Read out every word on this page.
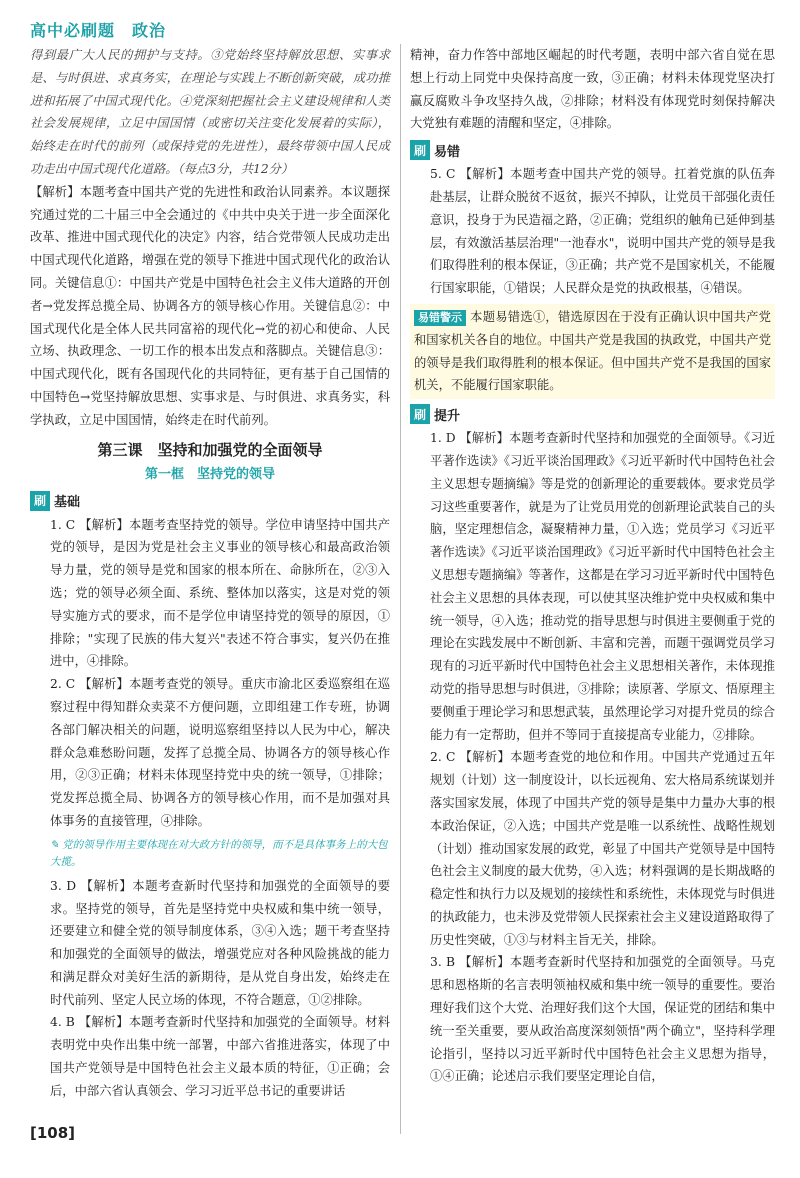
高中必刷题　政治

得到最广大人民的拥护与支持。③党始终坚持解放思想、实事求是、与时俱进、求真务实，在理论与实践上不断创新突破，成功推进和拓展了中国式现代化。④党深刻把握社会主义建设规律和人类社会发展规律，立足中国国情（或密切关注变化发展着的实际），始终走在时代的前列（或保持党的先进性），最终带领中国人民成功走出中国式现代化道路。（每点3分，共12分）

【解析】本题考查中国共产党的先进性和政治认同素养。本议题探究通过党的二十届三中全会通过的《中共中央关于进一步全面深化改革、推进中国式现代化的决定》内容，结合党带领人民成功走出中国式现代化道路，增强在党的领导下推进中国式现代化的政治认同。关键信息①：中国共产党是中国特色社会主义伟大道路的开创者→党发挥总揽全局、协调各方的领导核心作用。关键信息②：中国式现代化是全体人民共同富裕的现代化→党的初心和使命、人民立场、执政理念、一切工作的根本出发点和落脚点。关键信息③：中国式现代化，既有各国现代化的共同特征，更有基于自己国情的中国特色→党坚持解放思想、实事求是、与时俱进、求真务实，科学执政，立足中国国情，始终走在时代前列。

第三课　坚持和加强党的全面领导
第一框　坚持党的领导
刷 基础

1. C 【解析】本题考查坚持党的领导。学位申请坚持中国共产党的领导，是因为党是社会主义事业的领导核心和最高政治领导力量，党的领导是党和国家的根本所在、命脉所在，②③入选；党的领导必须全面、系统、整体加以落实，这是对党的领导实施方式的要求，而不是学位申请坚持党的领导的原因，①排除；"实现了民族的伟大复兴"表述不符合事实，复兴仍在推进中，④排除。

2. C 【解析】本题考查党的领导。重庆市渝北区委巡察组在巡察过程中得知群众卖菜不方便问题，立即组建工作专班，协调各部门解决相关的问题，说明巡察组坚持以人民为中心，解决群众急难愁盼问题，发挥了总揽全局、协调各方的领导核心作用，②③正确；材料未体现坚持党中央的统一领导，①排除；党发挥总揽全局、协调各方的领导核心作用，而不是加强对具体事务的直接管理，④排除。

✎ 党的领导作用主要体现在对大政方针的领导，而不是具体事务上的大包大揽。

3. D 【解析】本题考查新时代坚持和加强党的全面领导的要求。坚持党的领导，首先是坚持党中央权威和集中统一领导，还要建立和健全党的领导制度体系，③④入选；题干考查坚持和加强党的全面领导的做法，增强党应对各种风险挑战的能力和满足群众对美好生活的新期待，是从党自身出发，始终走在时代前列、坚定人民立场的体现，不符合题意，①②排除。

4. B 【解析】本题考查新时代坚持和加强党的全面领导。材料表明党中央作出集中统一部署，中部六省推进落实，体现了中国共产党领导是中国特色社会主义最本质的特征，①正确；会后，中部六省认真领会、学习习近平总书记的重要讲话

精神，奋力作答中部地区崛起的时代考题，表明中部六省自觉在思想上行动上同党中央保持高度一致，③正确；材料未体现党坚决打赢反腐败斗争攻坚持久战，②排除；材料没有体现党时刻保持解决大党独有难题的清醒和坚定，④排除。

刷 易错

5. C 【解析】本题考查中国共产党的领导。扛着党旗的队伍奔赴基层，让群众脱贫不返贫，振兴不掉队，让党员干部强化责任意识，投身于为民造福之路，②正确；党组织的触角已延伸到基层，有效激活基层治理"一池春水"，说明中国共产党的领导是我们取得胜利的根本保证，③正确；共产党不是国家机关，不能履行国家职能，①错误；人民群众是党的执政根基，④错误。

易错警示 本题易错选①，错选原因在于没有正确认识中国共产党和国家机关各自的地位。中国共产党是我国的执政党，中国共产党的领导是我们取得胜利的根本保证。但中国共产党不是我国的国家机关，不能履行国家职能。

刷 提升

1. D 【解析】本题考查新时代坚持和加强党的全面领导。《习近平著作选读》《习近平谈治国理政》《习近平新时代中国特色社会主义思想专题摘编》等是党的创新理论的重要载体。要求党员学习这些重要著作，就是为了让党员用党的创新理论武装自己的头脑，坚定理想信念，凝聚精神力量，①入选；党员学习《习近平著作选读》《习近平谈治国理政》《习近平新时代中国特色社会主义思想专题摘编》等著作，这都是在学习习近平新时代中国特色社会主义思想的具体表现，可以使其坚决维护党中央权威和集中统一领导，④入选；推动党的指导思想与时俱进主要侧重于党的理论在实践发展中不断创新、丰富和完善，而题干强调党员学习现有的习近平新时代中国特色社会主义思想相关著作，未体现推动党的指导思想与时俱进，③排除；读原著、学原文、悟原理主要侧重于理论学习和思想武装，虽然理论学习对提升党员的综合能力有一定帮助，但并不等同于直接提高专业能力，②排除。

2. C 【解析】本题考查党的地位和作用。中国共产党通过五年规划（计划）这一制度设计，以长远视角、宏大格局系统谋划并落实国家发展，体现了中国共产党的领导是集中力量办大事的根本政治保证，②入选；中国共产党是唯一以系统性、战略性规划（计划）推动国家发展的政党，彰显了中国共产党领导是中国特色社会主义制度的最大优势，④入选；材料强调的是长期战略的稳定性和执行力以及规划的接续性和系统性，未体现党与时俱进的执政能力，也未涉及党带领人民探索社会主义建设道路取得了历史性突破，①③与材料主旨无关，排除。

3. B 【解析】本题考查新时代坚持和加强党的全面领导。马克思和恩格斯的名言表明领袖权威和集中统一领导的重要性。要治理好我们这个大党、治理好我们这个大国，保证党的团结和集中统一至关重要，要从政治高度深刻领悟"两个确立"，坚持科学理论指引，坚持以习近平新时代中国特色社会主义思想为指导，①④正确；论述启示我们要坚定理论自信，

[108]
